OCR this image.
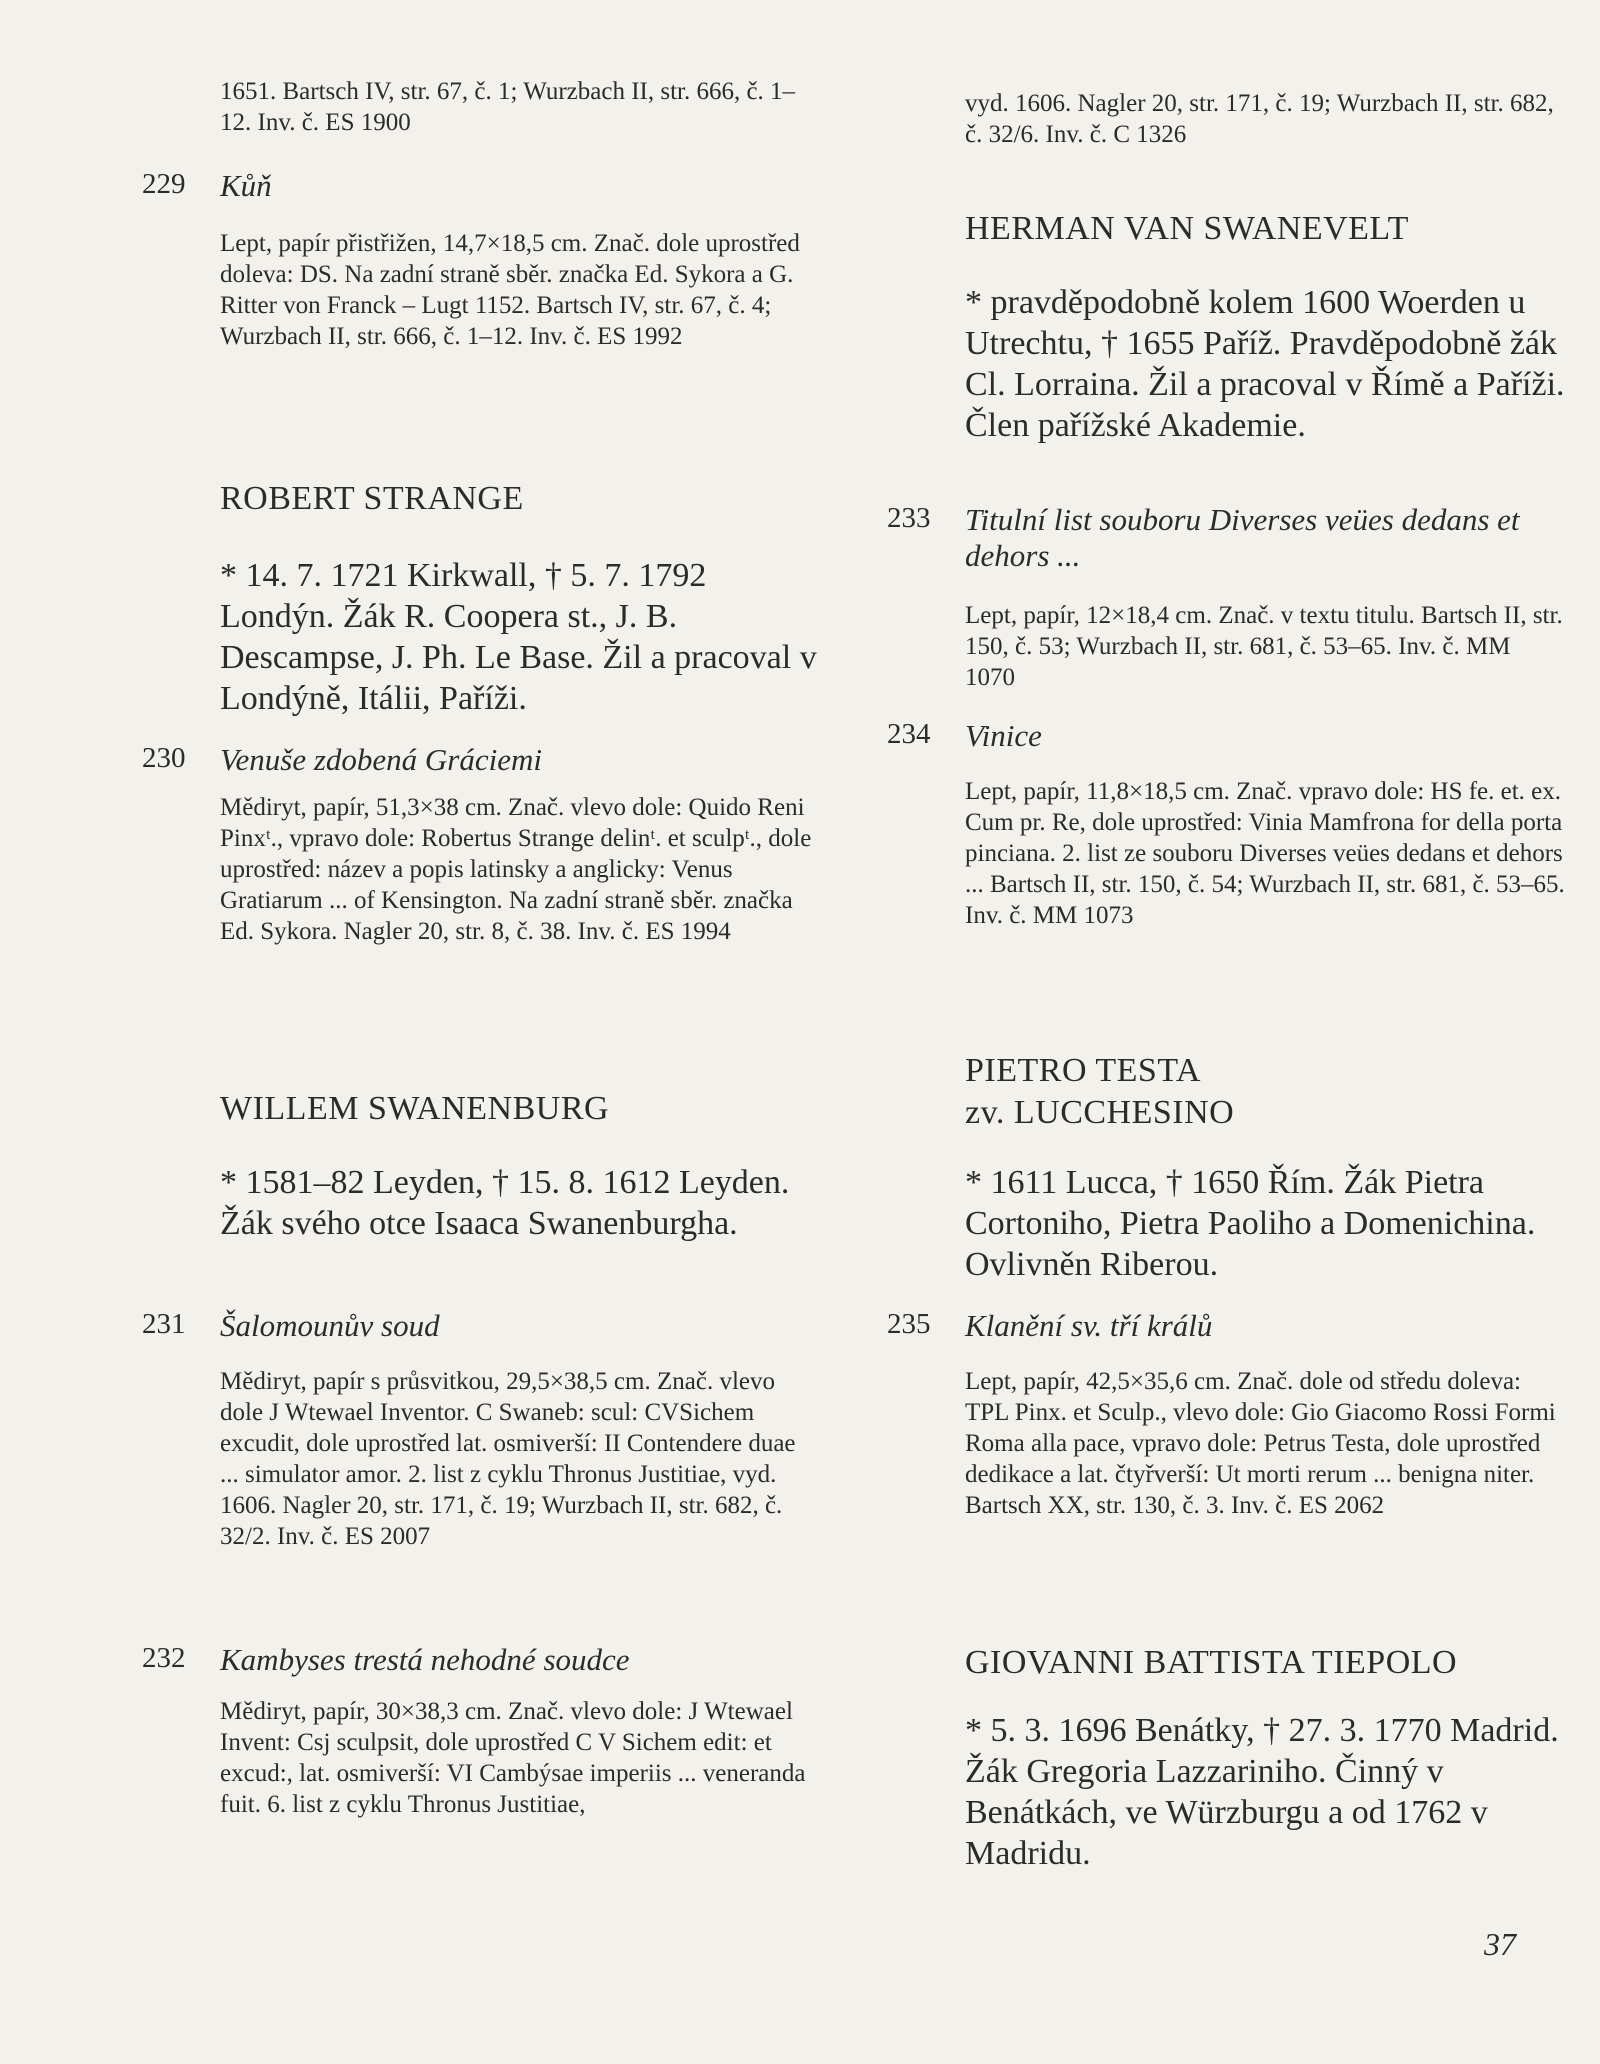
1651. Bartsch IV, str. 67, č. 1; Wurzbach II, str. 666, č. 1–12. Inv. č. ES 1900

229 Kůň

Lept, papír přistřižen, 14,7×18,5 cm. Znač. dole uprostřed doleva: DS. Na zadní straně sběr. značka Ed. Sykora a G. Ritter von Franck – Lugt 1152. Bartsch IV, str. 67, č. 4; Wurzbach II, str. 666, č. 1–12. Inv. č. ES 1992

ROBERT STRANGE

* 14. 7. 1721 Kirkwall, † 5. 7. 1792 Londýn. Žák R. Coopera st., J. B. Descampse, J. Ph. Le Base. Žil a pracoval v Londýně, Itálii, Paříži.

230 Venuše zdobená Gráciemi

Mědiryt, papír, 51,3×38 cm. Znač. vlevo dole: Quido Reni Pinxᵗ., vpravo dole: Robertus Strange delinᵗ. et sculpᵗ., dole uprostřed: název a popis latinsky a anglicky: Venus Gratiarum ... of Kensington. Na zadní straně sběr. značka Ed. Sykora. Nagler 20, str. 8, č. 38. Inv. č. ES 1994

WILLEM SWANENBURG

* 1581–82 Leyden, † 15. 8. 1612 Leyden. Žák svého otce Isaaca Swanenburgha.

231 Šalomounův soud

Mědiryt, papír s průsvitkou, 29,5×38,5 cm. Znač. vlevo dole J Wtewael Inventor. C Swaneb: scul: CVSichem excudit, dole uprostřed lat. osmiverší: II Contendere duae ... simulator amor. 2. list z cyklu Thronus Justitiae, vyd. 1606. Nagler 20, str. 171, č. 19; Wurzbach II, str. 682, č. 32/2. Inv. č. ES 2007

232 Kambyses trestá nehodné soudce

Mědiryt, papír, 30×38,3 cm. Znač. vlevo dole: J Wtewael Invent: Csj sculpsit, dole uprostřed C V Sichem edit: et excud:, lat. osmiverší: VI Cambýsae imperiis ... veneranda fuit. 6. list z cyklu Thronus Justitiae,

vyd. 1606. Nagler 20, str. 171, č. 19; Wurzbach II, str. 682, č. 32/6. Inv. č. C 1326

HERMAN VAN SWANEVELT

* pravděpodobně kolem 1600 Woerden u Utrechtu, † 1655 Paříž. Pravděpodobně žák Cl. Lorraina. Žil a pracoval v Římě a Paříži. Člen pařížské Akademie.

233 Titulní list souboru Diverses veües dedans et dehors ...

Lept, papír, 12×18,4 cm. Znač. v textu titulu. Bartsch II, str. 150, č. 53; Wurzbach II, str. 681, č. 53–65. Inv. č. MM 1070

234 Vinice

Lept, papír, 11,8×18,5 cm. Znač. vpravo dole: HS fe. et. ex. Cum pr. Re, dole uprostřed: Vinia Mamfrona for della porta pinciana. 2. list ze souboru Diverses veües dedans et dehors ... Bartsch II, str. 150, č. 54; Wurzbach II, str. 681, č. 53–65. Inv. č. MM 1073

PIETRO TESTA

zv. LUCCHESINO

* 1611 Lucca, † 1650 Řím. Žák Pietra Cortoniho, Pietra Paoliho a Domenichina. Ovlivněn Riberou.

235 Klanění sv. tří králů

Lept, papír, 42,5×35,6 cm. Znač. dole od středu doleva: TPL Pinx. et Sculp., vlevo dole: Gio Giacomo Rossi Formi Roma alla pace, vpravo dole: Petrus Testa, dole uprostřed dedikace a lat. čtyřverší: Ut morti rerum ... benigna niter. Bartsch XX, str. 130, č. 3. Inv. č. ES 2062

GIOVANNI BATTISTA TIEPOLO

* 5. 3. 1696 Benátky, † 27. 3. 1770 Madrid. Žák Gregoria Lazzariniho. Činný v Benátkách, ve Würzburgu a od 1762 v Madridu.

37
